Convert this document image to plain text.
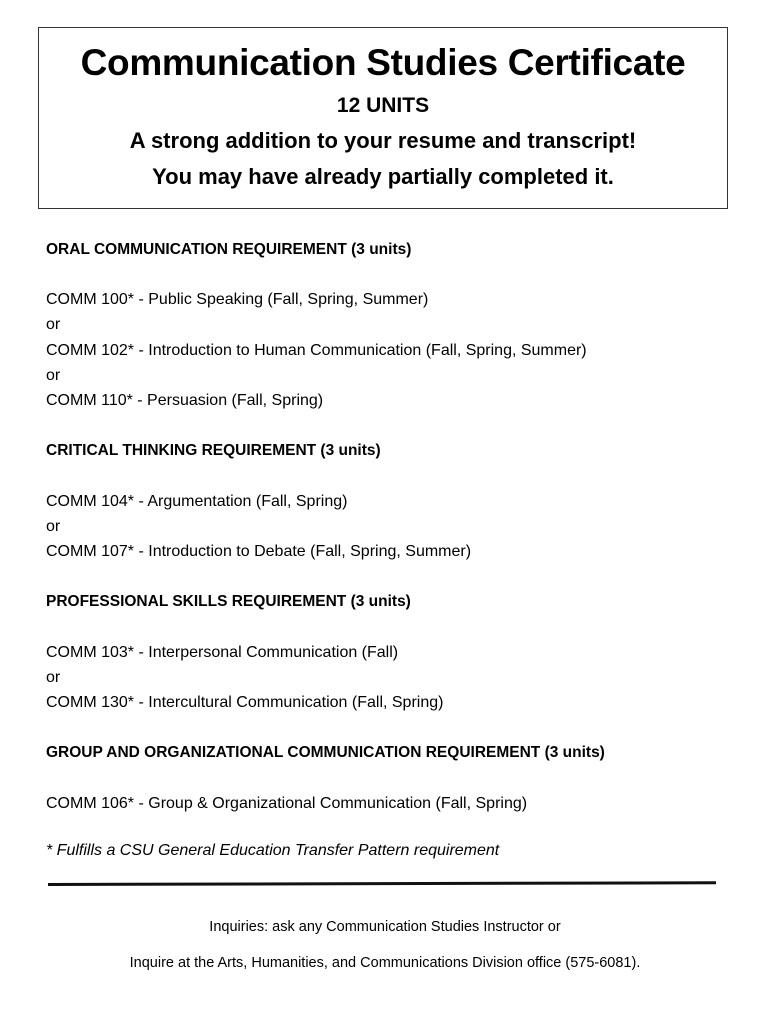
Communication Studies Certificate
12 UNITS
A strong addition to your resume and transcript!
You may have already partially completed it.
ORAL COMMUNICATION REQUIREMENT (3 units)
COMM 100* - Public Speaking (Fall, Spring, Summer)
or
COMM 102* - Introduction to Human Communication (Fall, Spring, Summer)
or
COMM 110* - Persuasion (Fall, Spring)
CRITICAL THINKING REQUIREMENT (3 units)
COMM 104* - Argumentation (Fall, Spring)
or
COMM 107* - Introduction to Debate (Fall, Spring, Summer)
PROFESSIONAL SKILLS REQUIREMENT (3 units)
COMM 103* - Interpersonal Communication (Fall)
or
COMM 130* - Intercultural Communication (Fall, Spring)
GROUP AND ORGANIZATIONAL COMMUNICATION REQUIREMENT (3 units)
COMM 106* - Group & Organizational Communication (Fall, Spring)
* Fulfills a CSU General Education Transfer Pattern requirement
Inquiries: ask any Communication Studies Instructor or
Inquire at the Arts, Humanities, and Communications Division office (575-6081).
